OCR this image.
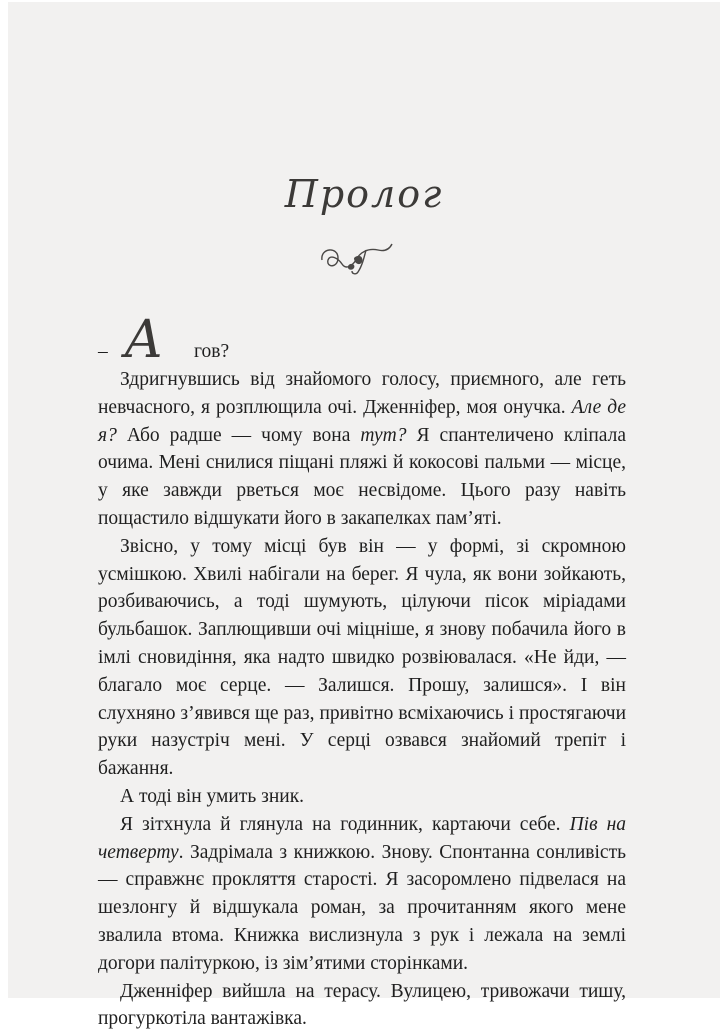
Пролог
– А гов?

Здригнувшись від знайомого голосу, приємного, але геть невчасного, я розплющила очі. Дженніфер, моя онучка. Але де я? Або радше — чому вона тут? Я спантеличено кліпала очима. Мені снилися піщані пляжі й кокосові пальми — місце, у яке завжди рветься моє несвідоме. Цього разу навіть пощастило відшукати його в закапелках пам’яті.

Звісно, у тому місці був він — у формі, зі скромною усмішкою. Хвилі набігали на берег. Я чула, як вони зойкають, розбиваючись, а тоді шумують, цілуючи пісок міріадами бульбашок. Заплющивши очі міцніше, я знову побачила його в імлі сновидіння, яка надто швидко розвіювалася. «Не йди, — благало моє серце. — Залишся. Прошу, залишся». І він слухняно з’явився ще раз, привітно всміхаючись і простягаючи руки назустріч мені. У серці озвався знайомий трепіт і бажання.

А тоді він умить зник.

Я зітхнула й глянула на годинник, картаючи себе. Пів на четверту. Задрімала з книжкою. Знову. Спонтанна сонливість — справжнє прокляття старості. Я засоромлено підвелася на шезлонгу й відшукала роман, за прочитанням якого мене звалила втома. Книжка вислизнула з рук і лежала на землі догори палітуркою, із зім’ятими сторінками.

Дженніфер вийшла на терасу. Вулицею, тривожачи тишу, прогуркотіла вантажівка.
